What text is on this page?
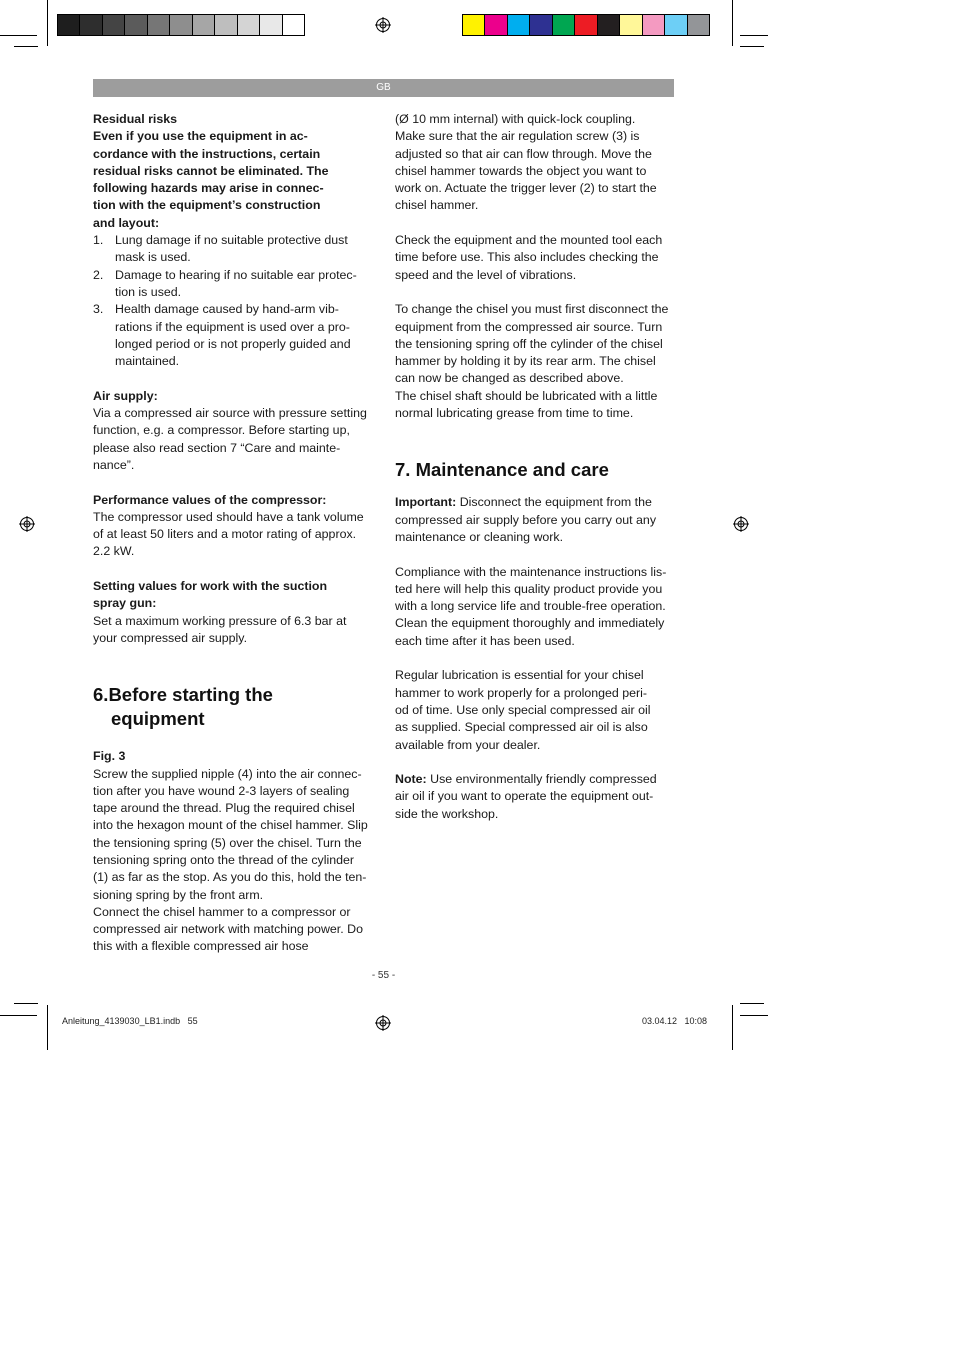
GB

Residual risks

Even if you use the equipment in ac-
cordance with the instructions, certain
residual risks cannot be eliminated. The
following hazards may arise in connec-
tion with the equipment’s construction
and layout:
1. Lung damage if no suitable protective dust
mask is used.
2. Damage to hearing if no suitable ear protec-
tion is used.
3. Health damage caused by hand-arm vib-
rations if the equipment is used over a pro-
longed period or is not properly guided and
maintained.

Air supply:

Via a compressed air source with pressure setting
function, e.g. a compressor. Before starting up,
please also read section 7 “Care and mainte-
nance”.

Performance values of the compressor:

The compressor used should have a tank volume
of at least 50 liters and a motor rating of approx.
2.2 kW.
Setting values for work with the suction
spray gun:
Set a maximum working pressure of 6.3 bar at
your compressed air supply.
6.Before starting the
equipment

Fig. 3

Screw the supplied nipple (4) into the air connec-
tion after you have wound 2-3 layers of sealing
tape around the thread. Plug the required chisel
into the hexagon mount of the chisel hammer. Slip
the tensioning spring (5) over the chisel. Turn the
tensioning spring onto the thread of the cylinder
(1) as far as the stop. As you do this, hold the ten-
sioning spring by the front arm.
Connect the chisel hammer to a compressor or
compressed air network with matching power. Do
this with a flexible compressed air hose
(Ø 10 mm internal) with quick-lock coupling.
Make sure that the air regulation screw (3) is
adjusted so that air can flow through. Move the
chisel hammer towards the object you want to
work on. Actuate the trigger lever (2) to start the
chisel hammer.
Check the equipment and the mounted tool each
time before use. This also includes checking the
speed and the level of vibrations.
To change the chisel you must first disconnect the
equipment from the compressed air source. Turn
the tensioning spring off the cylinder of the chisel
hammer by holding it by its rear arm. The chisel
can now be changed as described above.
The chisel shaft should be lubricated with a little
normal lubricating grease from time to time.
7. Maintenance and care
Important: Disconnect the equipment from the
compressed air supply before you carry out any
maintenance or cleaning work.
Compliance with the maintenance instructions lis-
ted here will help this quality product provide you
with a long service life and trouble-free operation.
Clean the equipment thoroughly and immediately
each time after it has been used.
Regular lubrication is essential for your chisel
hammer to work properly for a prolonged peri-
od of time. Use only special compressed air oil
as supplied. Special compressed air oil is also
available from your dealer.
Note: Use environmentally friendly compressed
air oil if you want to operate the equipment out-
side the workshop.
- 55 -
Anleitung_4139030_LB1.indb   55	03.04.12   10:08
